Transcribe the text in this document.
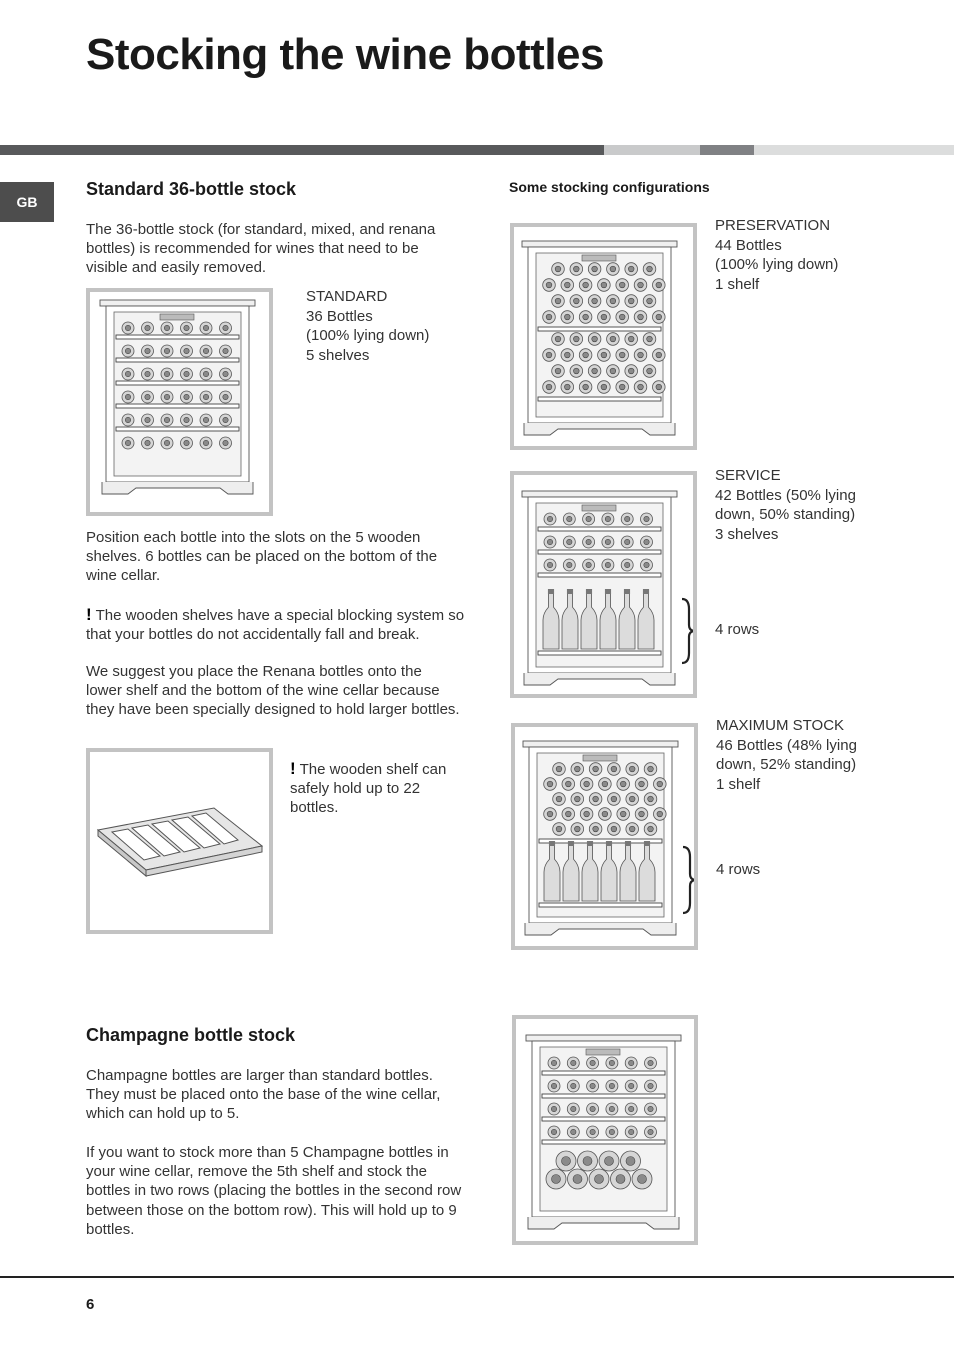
Stocking the wine bottles
GB
Standard 36-bottle stock

The 36-bottle stock (for standard, mixed, and renana bottles) is recommended for wines that need to be visible and easily removed.

STANDARD
36 Bottles
(100% lying down)
5 shelves

Position each bottle into the slots on the 5 wooden shelves. 6 bottles can be placed on the bottom of the wine cellar.

! The wooden shelves have a special blocking system so that your bottles do not accidentally fall and break.

We suggest you place the Renana bottles onto the lower shelf and the bottom of the wine cellar because they have been specially designed to hold larger bottles.

! The wooden shelf can safely hold up to 22 bottles.

Some stocking configurations
PRESERVATION
44 Bottles
(100% lying down)
1 shelf
SERVICE
42 Bottles (50% lying
down, 50% standing)
3 shelves
4 rows
MAXIMUM STOCK
46 Bottles (48% lying
down, 52% standing)
1 shelf
4 rows
Champagne bottle stock

Champagne bottles are larger than standard bottles. They must be placed onto the base of the wine cellar, which can hold up to 5.

If you want to stock more than 5 Champagne bottles in your wine cellar, remove the 5th shelf and stock the bottles in two rows (placing the bottles in the second row between those on the bottom row). This will hold up to 9 bottles.

6
